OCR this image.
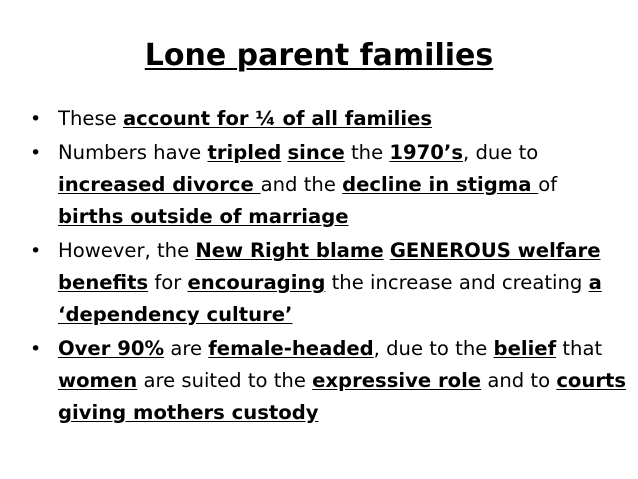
Lone parent families
• These account for ¼ of all families
• Numbers have tripled since the 1970’s, due to increased divorce and the decline in stigma of births outside of marriage
• However, the New Right blame GENEROUS welfare benefits for encouraging the increase and creating a ‘dependency culture’
• Over 90% are female-headed, due to the belief that women are suited to the expressive role and to courts giving mothers custody
